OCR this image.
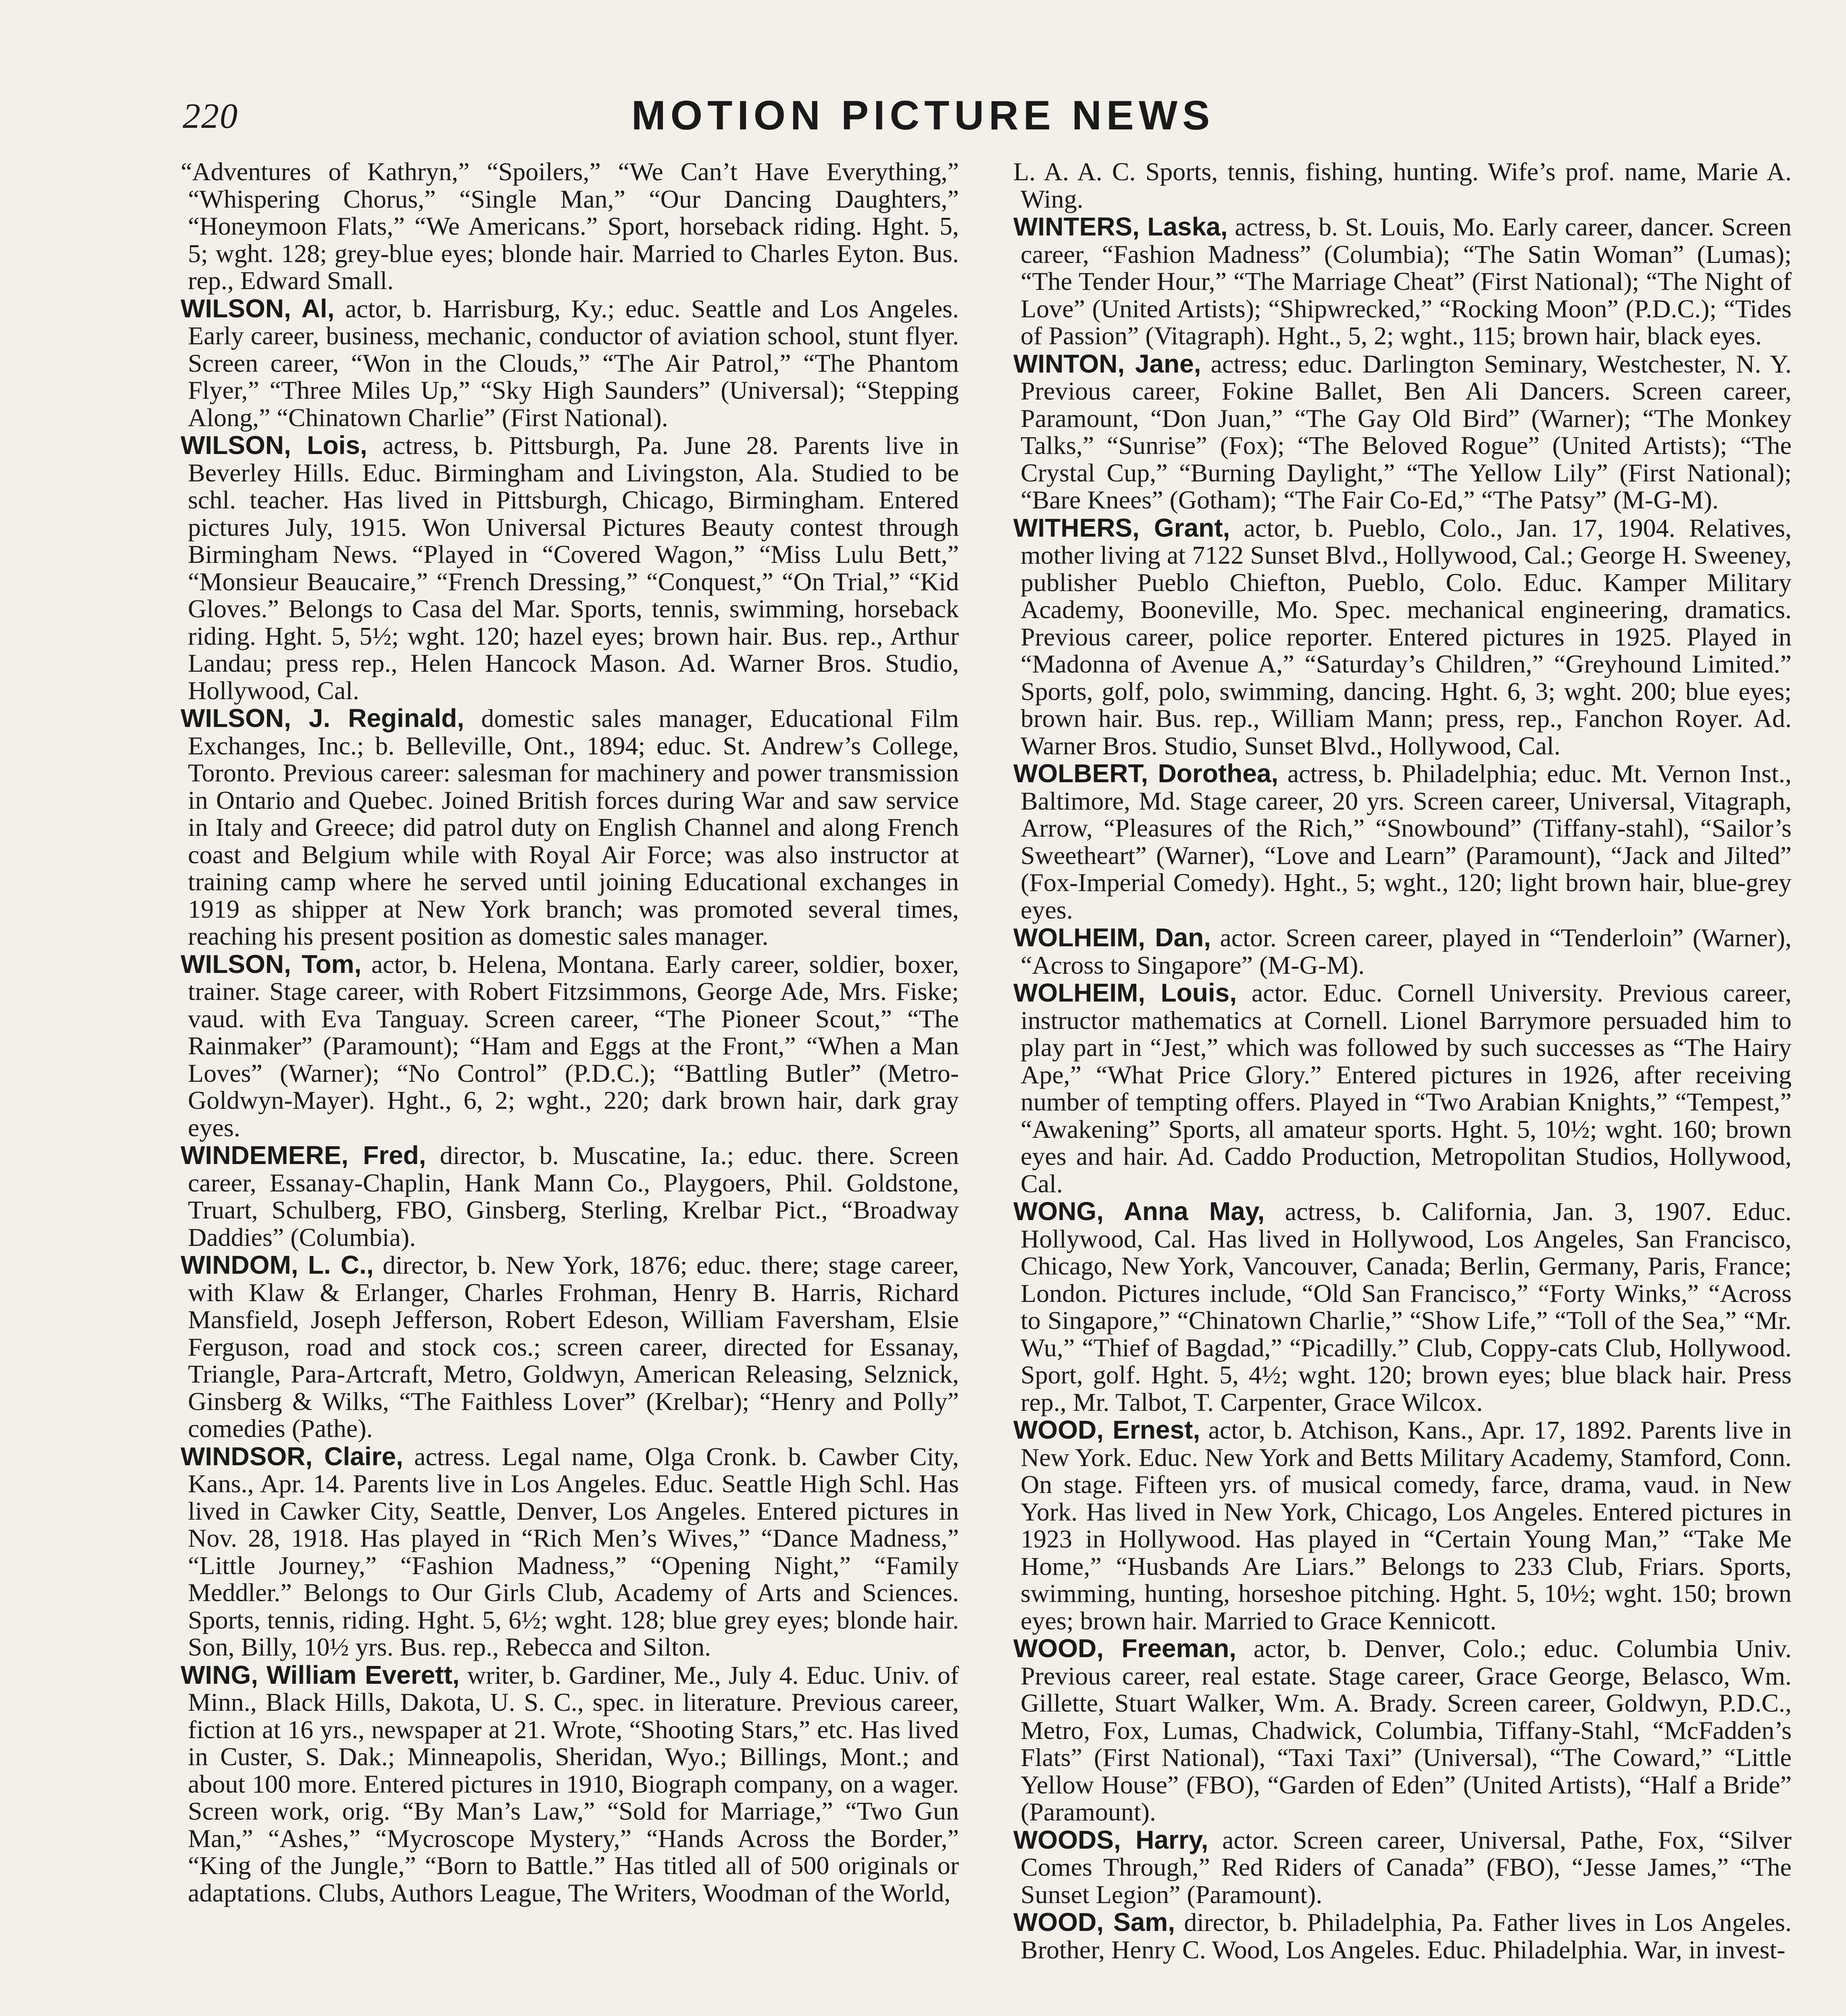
220	MOTION PICTURE NEWS

“Adventures of Kathryn,” “Spoilers,” “We Can’t Have Everything,” “Whispering Chorus,” “Single Man,” “Our Dancing Daughters,” “Honeymoon Flats,” “We Americans.” Sport, horseback riding. Hght. 5, 5; wght. 128; grey-blue eyes; blonde hair. Married to Charles Eyton. Bus. rep., Edward Small.

WILSON, Al, actor, b. Harrisburg, Ky.; educ. Seattle and Los Angeles. Early career, business, mechanic, conductor of aviation school, stunt flyer. Screen career, “Won in the Clouds,” “The Air Patrol,” “The Phantom Flyer,” “Three Miles Up,” “Sky High Saunders” (Universal); “Stepping Along,” “Chinatown Charlie” (First National).

WILSON, Lois, actress, b. Pittsburgh, Pa. June 28. Parents live in Beverley Hills. Educ. Birmingham and Livingston, Ala. Studied to be schl. teacher. Has lived in Pittsburgh, Chicago, Birmingham. Entered pictures July, 1915. Won Universal Pictures Beauty contest through Birmingham News. “Played in “Covered Wagon,” “Miss Lulu Bett,” “Monsieur Beaucaire,” “French Dressing,” “Conquest,” “On Trial,” “Kid Gloves.” Belongs to Casa del Mar. Sports, tennis, swimming, horseback riding. Hght. 5, 5½; wght. 120; hazel eyes; brown hair. Bus. rep., Arthur Landau; press rep., Helen Hancock Mason. Ad. Warner Bros. Studio, Hollywood, Cal.

WILSON, J. Reginald, domestic sales manager, Educational Film Exchanges, Inc.; b. Belleville, Ont., 1894; educ. St. Andrew’s College, Toronto. Previous career: salesman for machinery and power transmission in Ontario and Quebec. Joined British forces during War and saw service in Italy and Greece; did patrol duty on English Channel and along French coast and Belgium while with Royal Air Force; was also instructor at training camp where he served until joining Educational exchanges in 1919 as shipper at New York branch; was promoted several times, reaching his present position as domestic sales manager.

WILSON, Tom, actor, b. Helena, Montana. Early career, soldier, boxer, trainer. Stage career, with Robert Fitzsimmons, George Ade, Mrs. Fiske; vaud. with Eva Tanguay. Screen career, “The Pioneer Scout,” “The Rainmaker” (Paramount); “Ham and Eggs at the Front,” “When a Man Loves” (Warner); “No Control” (P.D.C.); “Battling Butler” (Metro-Goldwyn-Mayer). Hght., 6, 2; wght., 220; dark brown hair, dark gray eyes.

WINDEMERE, Fred, director, b. Muscatine, Ia.; educ. there. Screen career, Essanay-Chaplin, Hank Mann Co., Playgoers, Phil. Goldstone, Truart, Schulberg, FBO, Ginsberg, Sterling, Krelbar Pict., “Broadway Daddies” (Columbia).

WINDOM, L. C., director, b. New York, 1876; educ. there; stage career, with Klaw & Erlanger, Charles Frohman, Henry B. Harris, Richard Mansfield, Joseph Jefferson, Robert Edeson, William Faversham, Elsie Ferguson, road and stock cos.; screen career, directed for Essanay, Triangle, Para-Artcraft, Metro, Goldwyn, American Releasing, Selznick, Ginsberg & Wilks, “The Faithless Lover” (Krelbar); “Henry and Polly” comedies (Pathe).

WINDSOR, Claire, actress. Legal name, Olga Cronk. b. Cawber City, Kans., Apr. 14. Parents live in Los Angeles. Educ. Seattle High Schl. Has lived in Cawker City, Seattle, Denver, Los Angeles. Entered pictures in Nov. 28, 1918. Has played in “Rich Men’s Wives,” “Dance Madness,” “Little Journey,” “Fashion Madness,” “Opening Night,” “Family Meddler.” Belongs to Our Girls Club, Academy of Arts and Sciences. Sports, tennis, riding. Hght. 5, 6½; wght. 128; blue grey eyes; blonde hair. Son, Billy, 10½ yrs. Bus. rep., Rebecca and Silton.

WING, William Everett, writer, b. Gardiner, Me., July 4. Educ. Univ. of Minn., Black Hills, Dakota, U. S. C., spec. in literature. Previous career, fiction at 16 yrs., newspaper at 21. Wrote, “Shooting Stars,” etc. Has lived in Custer, S. Dak.; Minneapolis, Sheridan, Wyo.; Billings, Mont.; and about 100 more. Entered pictures in 1910, Biograph company, on a wager. Screen work, orig. “By Man’s Law,” “Sold for Marriage,” “Two Gun Man,” “Ashes,” “Mycroscope Mystery,” “Hands Across the Border,” “King of the Jungle,” “Born to Battle.” Has titled all of 500 originals or adaptations. Clubs, Authors League, The Writers, Woodman of the World,

L. A. A. C. Sports, tennis, fishing, hunting. Wife’s prof. name, Marie A. Wing.

WINTERS, Laska, actress, b. St. Louis, Mo. Early career, dancer. Screen career, “Fashion Madness” (Columbia); “The Satin Woman” (Lumas); “The Tender Hour,” “The Marriage Cheat” (First National); “The Night of Love” (United Artists); “Shipwrecked,” “Rocking Moon” (P.D.C.); “Tides of Passion” (Vitagraph). Hght., 5, 2; wght., 115; brown hair, black eyes.

WINTON, Jane, actress; educ. Darlington Seminary, Westchester, N. Y. Previous career, Fokine Ballet, Ben Ali Dancers. Screen career, Paramount, “Don Juan,” “The Gay Old Bird” (Warner); “The Monkey Talks,” “Sunrise” (Fox); “The Beloved Rogue” (United Artists); “The Crystal Cup,” “Burning Daylight,” “The Yellow Lily” (First National); “Bare Knees” (Gotham); “The Fair Co-Ed,” “The Patsy” (M-G-M).

WITHERS, Grant, actor, b. Pueblo, Colo., Jan. 17, 1904. Relatives, mother living at 7122 Sunset Blvd., Hollywood, Cal.; George H. Sweeney, publisher Pueblo Chiefton, Pueblo, Colo. Educ. Kamper Military Academy, Booneville, Mo. Spec. mechanical engineering, dramatics. Previous career, police reporter. Entered pictures in 1925. Played in “Madonna of Avenue A,” “Saturday’s Children,” “Greyhound Limited.” Sports, golf, polo, swimming, dancing. Hght. 6, 3; wght. 200; blue eyes; brown hair. Bus. rep., William Mann; press, rep., Fanchon Royer. Ad. Warner Bros. Studio, Sunset Blvd., Hollywood, Cal.

WOLBERT, Dorothea, actress, b. Philadelphia; educ. Mt. Vernon Inst., Baltimore, Md. Stage career, 20 yrs. Screen career, Universal, Vitagraph, Arrow, “Pleasures of the Rich,” “Snowbound” (Tiffany-stahl), “Sailor’s Sweetheart” (Warner), “Love and Learn” (Paramount), “Jack and Jilted” (Fox-Imperial Comedy). Hght., 5; wght., 120; light brown hair, blue-grey eyes.

WOLHEIM, Dan, actor. Screen career, played in “Tenderloin” (Warner), “Across to Singapore” (M-G-M).

WOLHEIM, Louis, actor. Educ. Cornell University. Previous career, instructor mathematics at Cornell. Lionel Barrymore persuaded him to play part in “Jest,” which was followed by such successes as “The Hairy Ape,” “What Price Glory.” Entered pictures in 1926, after receiving number of tempting offers. Played in “Two Arabian Knights,” “Tempest,” “Awakening” Sports, all amateur sports. Hght. 5, 10½; wght. 160; brown eyes and hair. Ad. Caddo Production, Metropolitan Studios, Hollywood, Cal.

WONG, Anna May, actress, b. California, Jan. 3, 1907. Educ. Hollywood, Cal. Has lived in Hollywood, Los Angeles, San Francisco, Chicago, New York, Vancouver, Canada; Berlin, Germany, Paris, France; London. Pictures include, “Old San Francisco,” “Forty Winks,” “Across to Singapore,” “Chinatown Charlie,” “Show Life,” “Toll of the Sea,” “Mr. Wu,” “Thief of Bagdad,” “Picadilly.” Club, Coppy-cats Club, Hollywood. Sport, golf. Hght. 5, 4½; wght. 120; brown eyes; blue black hair. Press rep., Mr. Talbot, T. Carpenter, Grace Wilcox.

WOOD, Ernest, actor, b. Atchison, Kans., Apr. 17, 1892. Parents live in New York. Educ. New York and Betts Military Academy, Stamford, Conn. On stage. Fifteen yrs. of musical comedy, farce, drama, vaud. in New York. Has lived in New York, Chicago, Los Angeles. Entered pictures in 1923 in Hollywood. Has played in “Certain Young Man,” “Take Me Home,” “Husbands Are Liars.” Belongs to 233 Club, Friars. Sports, swimming, hunting, horseshoe pitching. Hght. 5, 10½; wght. 150; brown eyes; brown hair. Married to Grace Kennicott.

WOOD, Freeman, actor, b. Denver, Colo.; educ. Columbia Univ. Previous career, real estate. Stage career, Grace George, Belasco, Wm. Gillette, Stuart Walker, Wm. A. Brady. Screen career, Goldwyn, P.D.C., Metro, Fox, Lumas, Chadwick, Columbia, Tiffany-Stahl, “McFadden’s Flats” (First National), “Taxi Taxi” (Universal), “The Coward,” “Little Yellow House” (FBO), “Garden of Eden” (United Artists), “Half a Bride” (Paramount).

WOODS, Harry, actor. Screen career, Universal, Pathe, Fox, “Silver Comes Through,” Red Riders of Canada” (FBO), “Jesse James,” “The Sunset Legion” (Paramount).

WOOD, Sam, director, b. Philadelphia, Pa. Father lives in Los Angeles. Brother, Henry C. Wood, Los Angeles. Educ. Philadelphia. War, in invest-
